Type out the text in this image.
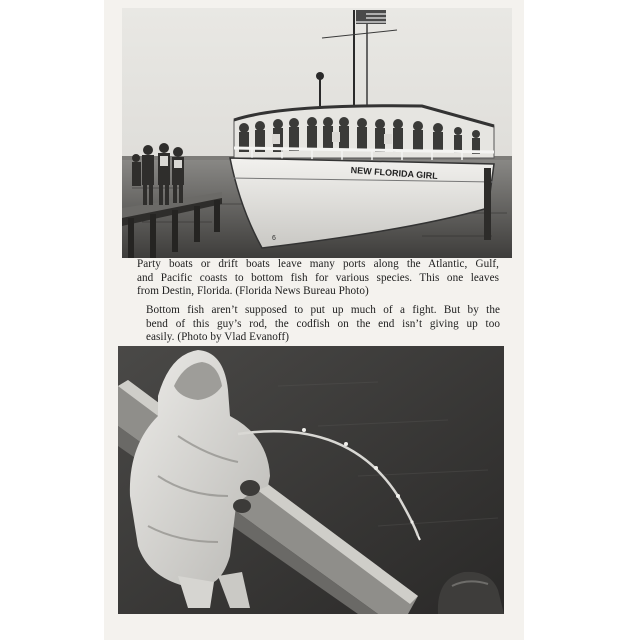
NEW FLORIDA GIRL
6
Party boats or drift boats leave many ports along the Atlantic, Gulf,
and Pacific coasts to bottom fish for various species. This one leaves
from Destin, Florida. (Florida News Bureau Photo)
Bottom fish aren’t supposed to put up much of a fight. But by the
bend of this guy’s rod, the codfish on the end isn’t giving up too
easily. (Photo by Vlad Evanoff)
